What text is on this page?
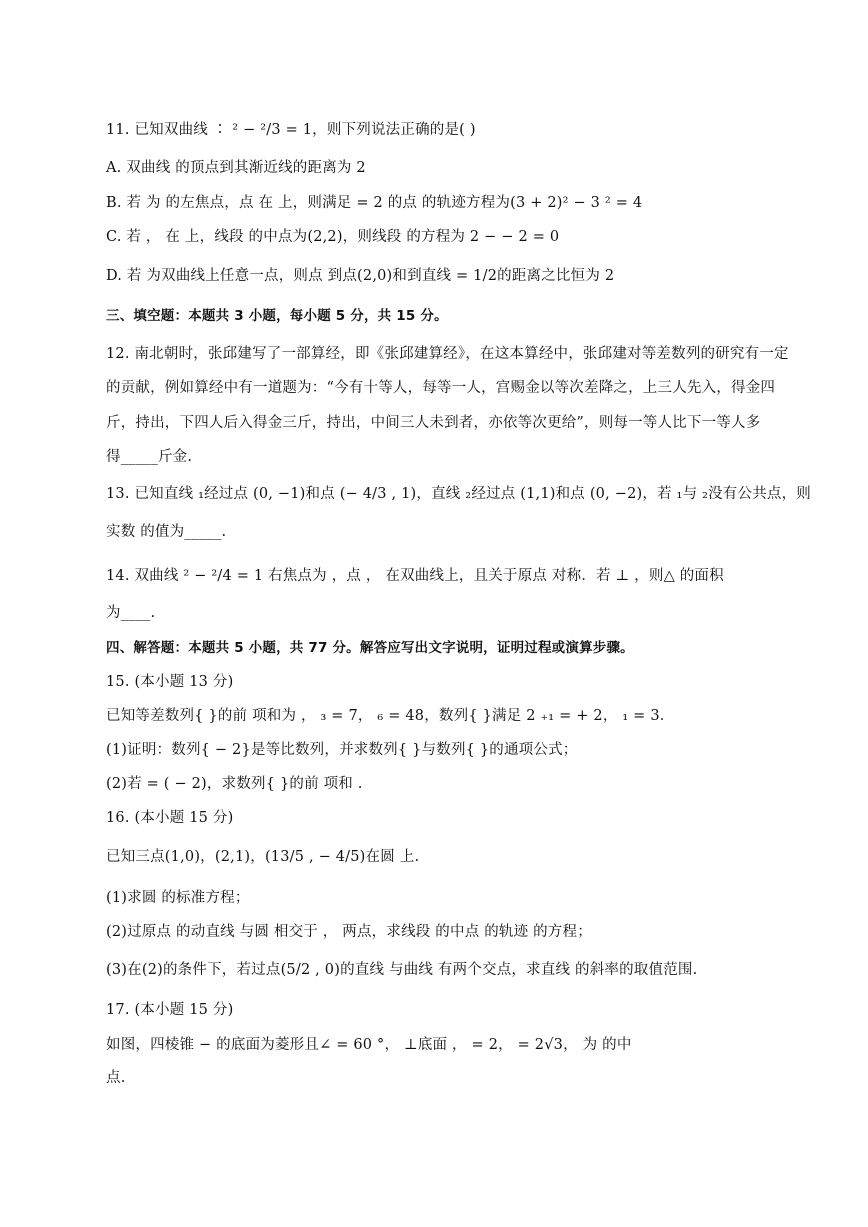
11. 已知双曲线 ∶ ² − ²/3 = 1，则下列说法正确的是( )
A. 双曲线 的顶点到其渐近线的距离为 2
B. 若 为 的左焦点，点 在 上，则满足 = 2 的点 的轨迹方程为(3 + 2)² − 3 ² = 4
C. 若 ， 在 上，线段 的中点为(2,2)，则线段 的方程为 2 − − 2 = 0
D. 若 为双曲线上任意一点，则点 到点(2,0)和到直线 = 1/2的距离之比恒为 2
三、填空题：本题共 3 小题，每小题 5 分，共 15 分。
12. 南北朝时，张邱建写了一部算经，即《张邱建算经》，在这本算经中，张邱建对等差数列的研究有一定
的贡献，例如算经中有一道题为：“今有十等人，每等一人，宫赐金以等次差降之，上三人先入，得金四
斤，持出，下四人后入得金三斤，持出，中间三人未到者，亦依等次更给”，则每一等人比下一等人多
得_____斤金.
13. 已知直线 ₁经过点 (0, −1)和点 (− 4/3 , 1)，直线 ₂经过点 (1,1)和点 (0, −2)，若 ₁与 ₂没有公共点，则
实数 的值为_____.
14. 双曲线 ² − ²/4 = 1 右焦点为 ，点 ， 在双曲线上，且关于原点 对称．若 ⊥ ，则△ 的面积
为____.
四、解答题：本题共 5 小题，共 77 分。解答应写出文字说明，证明过程或演算步骤。
15. (本小题 13 分)
已知等差数列{ }的前 项和为 ， ₃ = 7， ₆ = 48，数列{ }满足 2 ₊₁ = + 2， ₁ = 3．
(1)证明：数列{ − 2}是等比数列，并求数列{ }与数列{ }的通项公式；
(2)若 = ( − 2)，求数列{ }的前 项和 .
16. (本小题 15 分)
已知三点(1,0)，(2,1)，(13/5 , − 4/5)在圆 上.
(1)求圆 的标准方程；
(2)过原点 的动直线 与圆 相交于 ， 两点，求线段 的中点 的轨迹 的方程；
(3)在(2)的条件下，若过点(5/2 , 0)的直线 与曲线 有两个交点，求直线 的斜率的取值范围.
17. (本小题 15 分)
如图，四棱锥 − 的底面为菱形且∠ = 60 °， ⊥底面 ， = 2， = 2√3， 为 的中
点.
